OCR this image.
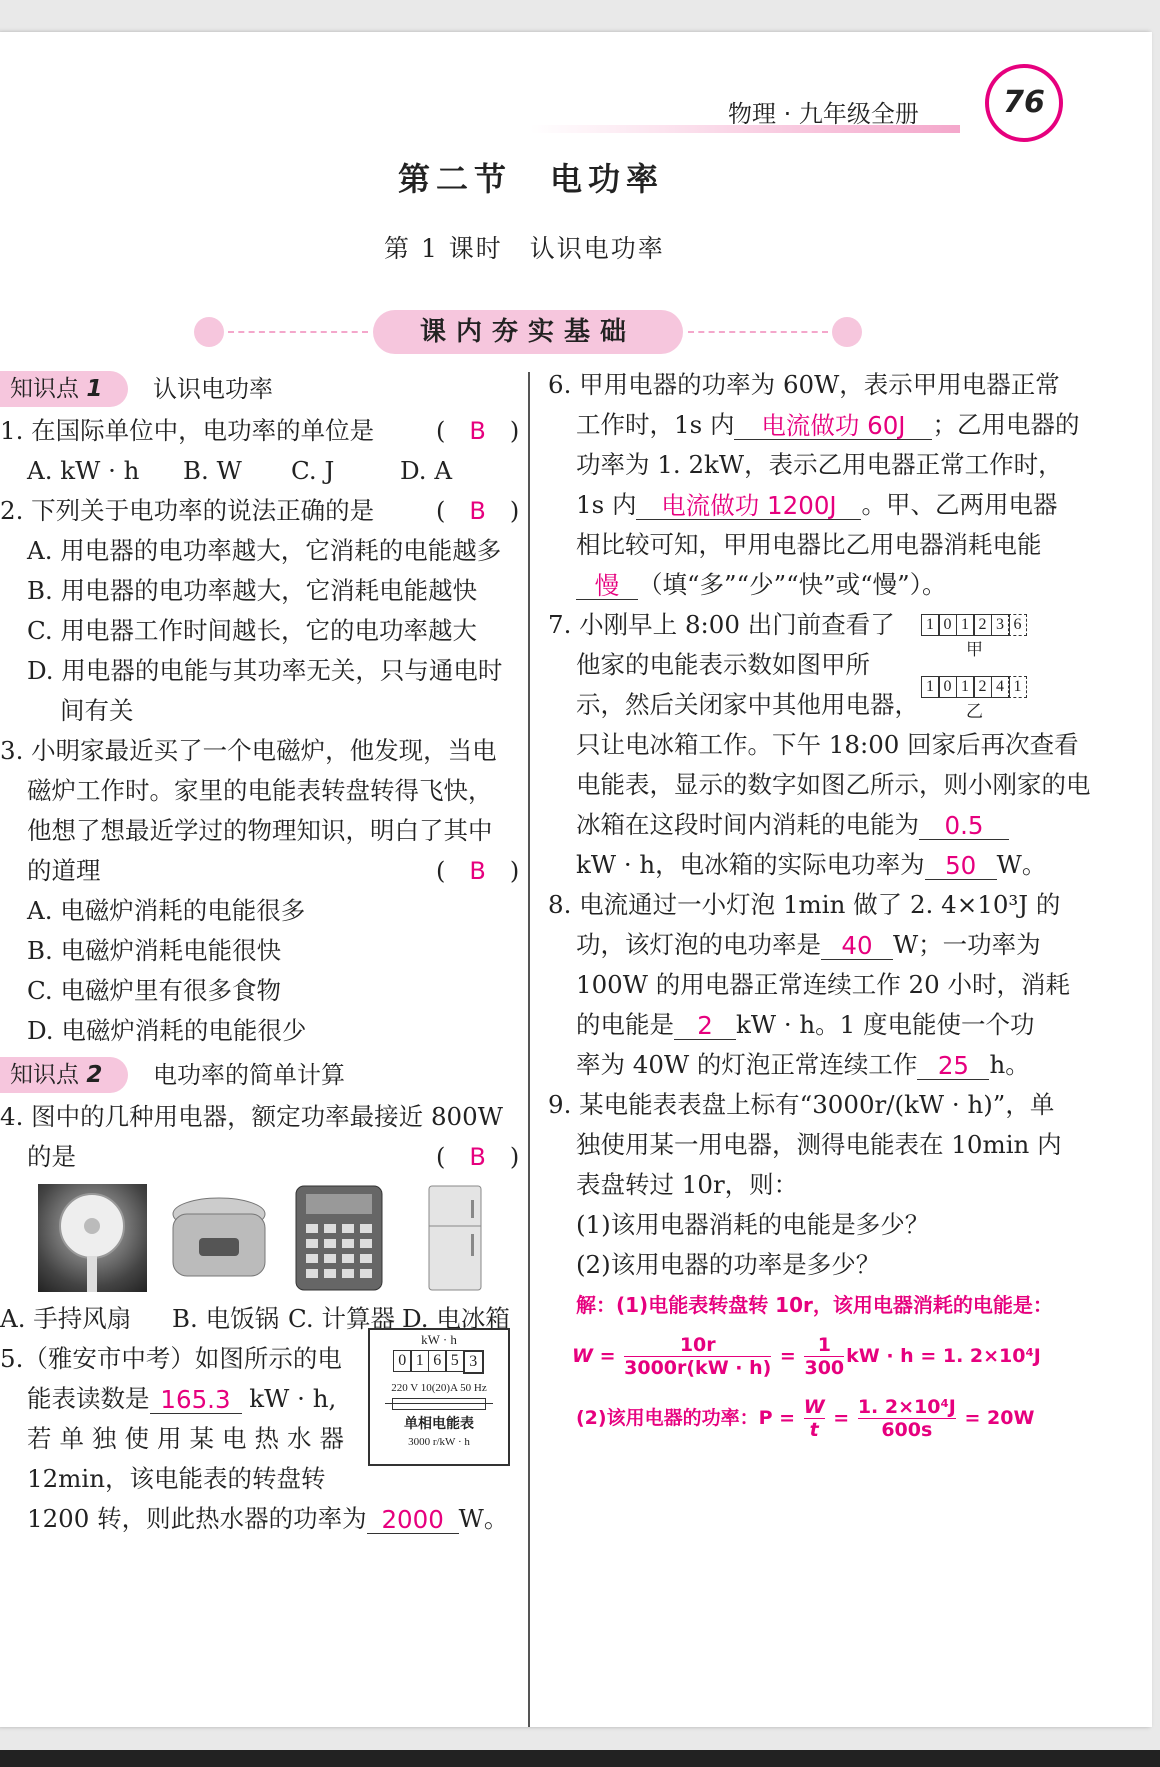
物理 · 九年级全册	76
第二节　电功率
第 1 课时　认识电功率
课内夯实基础
知识点 1	认识电功率
1. 在国际单位中，电功率的单位是	(　B　)
A. kW · h B. W C. J	D. A
2. 下列关于电功率的说法正确的是	(　B　)
A. 用电器的电功率越大，它消耗的电能越多
B. 用电器的电功率越大，它消耗电能越快
C. 用电器工作时间越长，它的电功率越大
D. 用电器的电能与其功率无关，只与通电时
间有关
3. 小明家最近买了一个电磁炉，他发现，当电
磁炉工作时。家里的电能表转盘转得飞快，
他想了想最近学过的物理知识，明白了其中
的道理	(　B　)
A. 电磁炉消耗的电能很多
B. 电磁炉消耗电能很快
C. 电磁炉里有很多食物
D. 电磁炉消耗的电能很少
知识点 2	电功率的简单计算
4. 图中的几种用电器，额定功率最接近 800W
的是	(　B　)
A. 手持风扇 B. 电饭锅 C. 计算器 D. 电冰箱
5.（雅安市中考）如图所示的电
能表读数是 165.3 kW · h,
若单独使用某电热水器
12min，该电能表的转盘转
1200 转，则此热水器的功率为 2000 W。
kW · h
0 1 6 5 3
220 V 10(20)A 50 Hz
单相电能表
3000 r/kW · h
6. 甲用电器的功率为 60W，表示甲用电器正常
工作时，1s 内 电流做功 60J ；乙用电器的
功率为 1. 2kW，表示乙用电器正常工作时，
1s 内 电流做功 1200J 。甲、乙两用电器
相比较可知，甲用电器比乙用电器消耗电能
慢 （填“多”“少”“快”或“慢”）。
7. 小刚早上 8:00 出门前查看了
他家的电能表示数如图甲所
示，然后关闭家中其他用电器，
只让电冰箱工作。下午 18:00 回家后再次查看
电能表，显示的数字如图乙所示，则小刚家的电
冰箱在这段时间内消耗的电能为 0.5
kW · h，电冰箱的实际电功率为 50 W。
1 0 1 2 3 6
甲
1 0 1 2 4 1
乙
8. 电流通过一小灯泡 1min 做了 2. 4×10³J 的
功，该灯泡的电功率是 40 W；一功率为
100W 的用电器正常连续工作 20 小时，消耗
的电能是 2 kW · h。1 度电能使一个功
率为 40W 的灯泡正常连续工作 25 h。
9. 某电能表表盘上标有“3000r/(kW · h)”，单
独使用某一用电器，测得电能表在 10min 内
表盘转过 10r，则：
(1)该用电器消耗的电能是多少？
(2)该用电器的功率是多少？
解：(1)电能表转盘转 10r，该用电器消耗的电能是：
$W = \frac{10r}{3000r(kW \cdot h)} = \frac{1}{300}$ kW · h = 1. 2×10⁴J
(2)该用电器的功率：$P = \frac{W}{t} = \frac{\text{1. 2×10⁴J}}{600s} = 20W$
